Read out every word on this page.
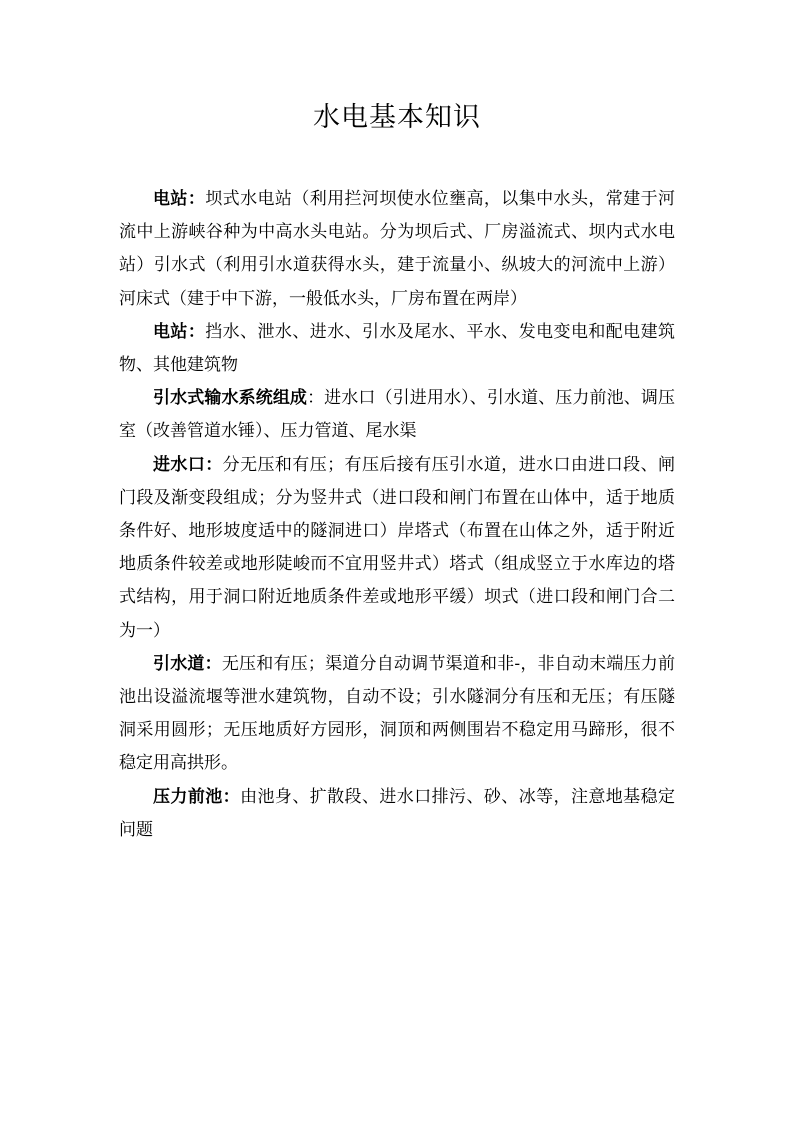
水电基本知识

电站：坝式水电站（利用拦河坝使水位壅高，以集中水头，常建于河流中上游峡谷种为中高水头电站。分为坝后式、厂房溢流式、坝内式水电站）引水式（利用引水道获得水头，建于流量小、纵坡大的河流中上游）河床式（建于中下游，一般低水头，厂房布置在两岸）

电站：挡水、泄水、进水、引水及尾水、平水、发电变电和配电建筑物、其他建筑物

引水式输水系统组成：进水口（引进用水）、引水道、压力前池、调压室（改善管道水锤）、压力管道、尾水渠

进水口：分无压和有压；有压后接有压引水道，进水口由进口段、闸门段及渐变段组成；分为竖井式（进口段和闸门布置在山体中，适于地质条件好、地形坡度适中的隧洞进口）岸塔式（布置在山体之外，适于附近地质条件较差或地形陡峻而不宜用竖井式）塔式（组成竖立于水库边的塔式结构，用于洞口附近地质条件差或地形平缓）坝式（进口段和闸门合二为一）

引水道：无压和有压；渠道分自动调节渠道和非-，非自动末端压力前池出设溢流堰等泄水建筑物，自动不设；引水隧洞分有压和无压；有压隧洞采用圆形；无压地质好方园形，洞顶和两侧围岩不稳定用马蹄形，很不稳定用高拱形。

压力前池：由池身、扩散段、进水口排污、砂、冰等，注意地基稳定问题
